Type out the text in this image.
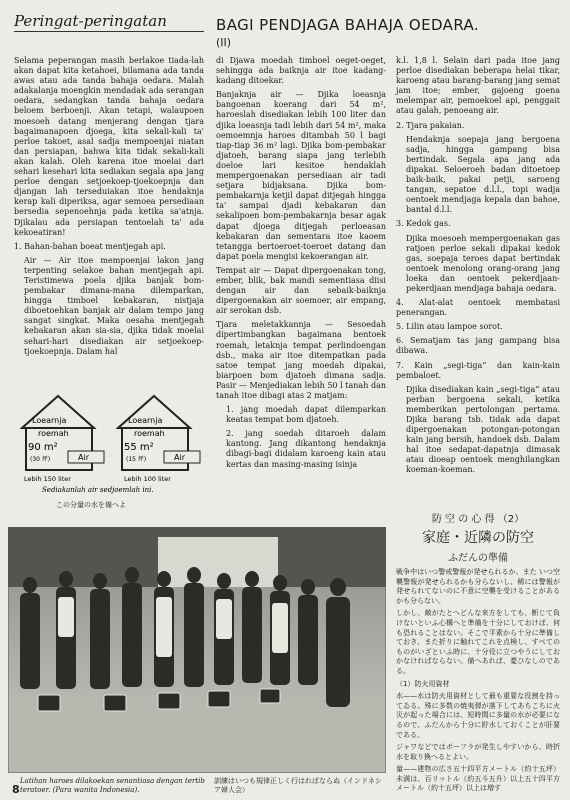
Peringat-peringatan	BAGI PENDJAGA BAHAJA OEDARA.
(II)

Selama peperangan masih berlakoe tiada-lah akan dapat kita ketahoei, bilamana ada tanda awas atau ada tanda bahaja oedara. Malah adakalanja moengkin mendadak ada serangan oedara, sedangkan tanda bahaja oedara beloem berboenji. Akan tetapi, walaupoen moesoeh datang menjerang dengan tjara bagaimanapoen djoega, kita sekali-kali ta' perloe takoet, asal sadja mempoenjai niatan dan persiapan, bahwa kita tidak sekali-kali akan kalah. Oleh karena itoe moelai dari sehari kesehari kita sediakan segala apa jang perloe dengan setjoekoep-tjoekoepnja dan djangan lah terseduiakan itoe hendaknja kerap kali diperiksa, agar semoea persediaan bersedia sepenoehnja pada ketika sa'atnja. Djikalau ada persiapan tentoelah ta' ada kekoeatiran!

1. Bahan-bahan boeat mentjegah api.

Air — Air itoe mempoenjai lakon jang terpenting selakoe bahan mentjegah api. Teristimewa poela djika banjak bom-pembakar dimana-mana dilemparkan, hingga timboel kebakaran, nistjaja diboetoehkan banjak air dalam tempo jang sangat singkat. Maka oesaha mentjegah kebakaran akan sia-sia, djika tidak moelai sehari-hari disediakan air setjoekoep-tjoekoepnja. Dalam hal

Loearnja
roemah
90 m²
(30 坪)	Air
Lebih 150 liter
Loearnja
roemah
55 m²
(15 坪)	Air
Lebih 100 liter
Sediakanlah air sedjoemlah ini.
この分量の水を備へよ

di Djawa moedah timboel oeget-oeget, sehingga ada baiknja air itoe kadang-kadang ditoekar.

Banjaknja air — Djika loeasnja bangoenan koerang dari 54 m², haroeslah disediakan lebih 100 liter dan djika loeasnja tadi lebih dari 54 m², maka oemoemnja haroes ditambah 50 l bagi tiap-tiap 36 m² lagi. Djika bom-pembakar djatoeh, barang siapa jang terlebih doeloe lari kesitoe hendaklah mempergoenakan persediaan air tadi setjara bidjaksana. Djika bom-pembakarnja ketjil dapat ditjegah hingga ta' sampai djadi kebakaran dan sekalipoen bom-pembakarnja besar agak dapat djoega ditjegah perloeasan kebakaran dan sementara itoe kaoem tetangga bertoeroet-toeroet datang dan dapat poela mengisi kekoerangan air.

Tempat air — Dapat dipergoenakan tong, ember, blik, bak mandi sementiasa diisi dengan air dan sebaik-baiknja dipergoenakan air soemoer, air empang, air serokan dsb.

Tjara meletakkannja — Sesoedah dipertimbangkan bagaimana bentoek roemah, letaknja tempat perlindoengan dsb., maka air itoe ditempatkan pada satoe tempat jang moedah dipakai, biarpoen bom djatoeh dimana sadja. Pasir — Menjediakan lebih 50 l tanah dan tanah itoe dibagi atas 2 matjam:

1. jang moedah dapat dilemparkan keatas tempat bom djatoeh.

2. jang soedah ditaroeh dalam kantong. Jang dikantong hendaknja dibagi-bagi didalam karoeng kain atau kertas dan masing-masing isinja

k.l. 1,8 l. Selain dari pada itoe jang perloe disediakan beberapa helai tikar, karoeng atau barang-barang jang semat jam itoe; ember, gajoeng goena melempar air, pemoekoel api, penggait atau galah, penoeang air.

2. Tjara pakaian.

Hendaknja soepaja jang bergoena sadja, hingga gampang bisa bertindak. Segala apa jang ada dipakai. Seloeroeh badan ditoetoep baik-baik, pakai petji, saroeng tangan, sepatoe d.l.l., topi wadja oentoek mendjaga kepala dan bahoe, bantal d.l.l.

3. Kedok gas.

Djika moesoeh mempergoenakan gas ratjoen perloe sekali dipakai kedok gas, soepaja teroes dapat bertindak oentoek menolong orang-orang jang loeka dan oentoek pekerdjaan-pekerdjaan mendjaga bahaja oedara.

4. Alat-alat oentoek membatasi penerangan.

5. Lilin atau lampoe sorot.

6. Sematjam tas jang gampang bisa dibawa.

7. Kain „segi-tiga“ dan kain-kain pembaloet.

Djika disediakan kain „segi-tiga“ atau perban bergoena sekali, ketika memberikan pertolongan pertama. Djika barang tsb. tidak ada dapat dipergoenakan potongan-potongan kain jang bersih, handoek dsb. Dalam hal itoe sedapat-dapatnja dimasak atau dioeap oentoek menghilangkan koeman-koeman.

防 空 の 心 得 （2）
家庭・近隣の防空
ふだんの準備

戦争中はいつ警戒警報が発せられるか、また いつ空襲警報が発せられるかも分らないし、稀には警報が発せられてないのに不意に空襲を受けることがあるかも分らない。

しかし、敵がたとへどんな来方をしても、断じて負けないといふ心構へと準備を十分にしておけば、何も恐れることはない。そこで平素から十分に準備しておき、また折りに触れてこれを点検し、すべてのものがいざといふ時に、十分役に立つやうにしておかなければならない。備へあれば、憂ひなしのである。

（1）防火用資材

水——水は防火用資材として最も重要な役割を持ってゐる。殊に多数の焼夷弾が落下してあちこちに火災が起った場合には、短時間に多量の水が必要になるので、ふだんから十分に貯水しておくことが肝要である。

ジャワなどではボーフラが発生しやすいから、時折水を取り換へるとよい。

量——建物の広さ五十四平方メートル（約十五坪）未満は、百リットル（約五斗五升）以上五十四平方メートル（約十五坪）以上は増す

Latihan haroes dilakoekan senantiasa dengan tertib teratoer. (Para wanita Indonesia).
訓練はいつも規律正しく行はればならぬ（インドネシア婦人会）
8
